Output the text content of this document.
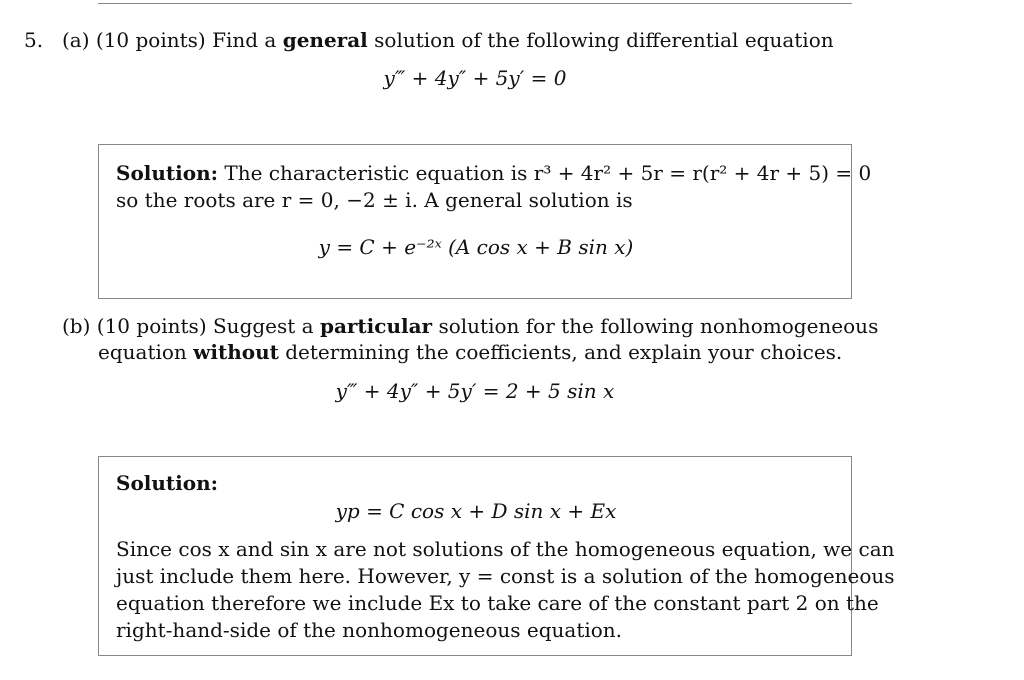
5. (a) (10 points) Find a general solution of the following differential equation
y‴ + 4y″ + 5y′ = 0
Solution: The characteristic equation is r³ + 4r² + 5r = r(r² + 4r + 5) = 0
so the roots are r = 0, −2 ± i. A general solution is
y = C + e⁻²ˣ (A cos x + B sin x)
(b) (10 points) Suggest a particular solution for the following nonhomogeneous
equation without determining the coefficients, and explain your choices.
y‴ + 4y″ + 5y′ = 2 + 5 sin x
Solution:
yp = C cos x + D sin x + Ex
Since cos x and sin x are not solutions of the homogeneous equation, we can
just include them here. However, y = const is a solution of the homogeneous
equation therefore we include Ex to take care of the constant part 2 on the
right-hand-side of the nonhomogeneous equation.
